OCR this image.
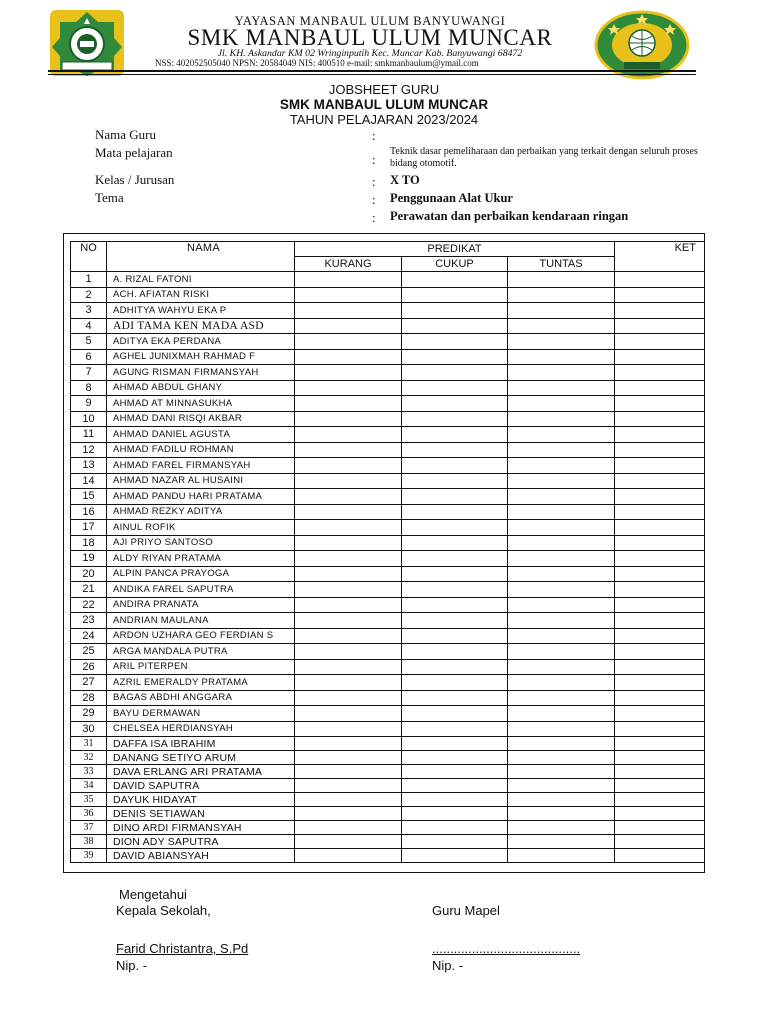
YAYASAN MANBAUL ULUM BANYUWANGI
SMK MANBAUL ULUM MUNCAR
Jl. KH. Askandar KM 02 Wringinputih Kec. Muncar Kab. Banyuwangi 68472
NSS: 402052505040 NPSN: 20584049 NIS: 400510 e-mail: smkmanbaulum@ymail.com
JOBSHEET GURU
SMK MANBAUL ULUM MUNCAR
TAHUN PELAJARAN 2023/2024
Nama Guru	:
Mata pelajaran	:
Teknik dasar pemeliharaan dan perbaikan yang terkait dengan seluruh proses bidang otomotif.
Kelas / Jurusan	: X TO
Tema	: Penggunaan Alat Ukur
: Perawatan dan perbaikan kendaraan ringan
NO	NAMA	PREDIKAT			KET
		KURANG	CUKUP	TUNTAS	
1	A. RIZAL FATONI				
2	ACH. AFIATAN RISKI				
3	ADHITYA WAHYU EKA P				
4	ADI TAMA KEN MADA ASD				
5	ADITYA EKA PERDANA				
6	AGHEL JUNIXMAH RAHMAD F				
7	AGUNG RISMAN FIRMANSYAH				
8	AHMAD ABDUL GHANY				
9	AHMAD AT MINNASUKHA				
10	AHMAD DANI RISQI AKBAR				
11	AHMAD DANIEL AGUSTA				
12	AHMAD FADILU ROHMAN				
13	AHMAD FAREL FIRMANSYAH				
14	AHMAD NAZAR AL HUSAINI				
15	AHMAD PANDU HARI PRATAMA				
16	AHMAD REZKY ADITYA				
17	AINUL ROFIK				
18	AJI PRIYO SANTOSO				
19	ALDY RIYAN PRATAMA				
20	ALPIN PANCA PRAYOGA				
21	ANDIKA FAREL SAPUTRA				
22	ANDIRA PRANATA				
23	ANDRIAN MAULANA				
24	ARDON UZHARA GEO FERDIAN S				
25	ARGA MANDALA PUTRA				
26	ARIL PITERPEN				
27	AZRIL EMERALDY PRATAMA				
28	BAGAS ABDHI ANGGARA				
29	BAYU DERMAWAN				
30	CHELSEA HERDIANSYAH				
31	DAFFA ISA IBRAHIM				
32	DANANG SETIYO ARUM				
33	DAVA ERLANG ARI PRATAMA				
34	DAVID SAPUTRA				
35	DAYUK HIDAYAT				
36	DENIS SETIAWAN				
37	DINO ARDI FIRMANSYAH				
38	DION ADY SAPUTRA				
39	DAVID ABIANSYAH				
Mengetahui
Kepala Sekolah,	Guru Mapel
Farid Christantra, S.Pd	.........................................
Nip. -	Nip. -
